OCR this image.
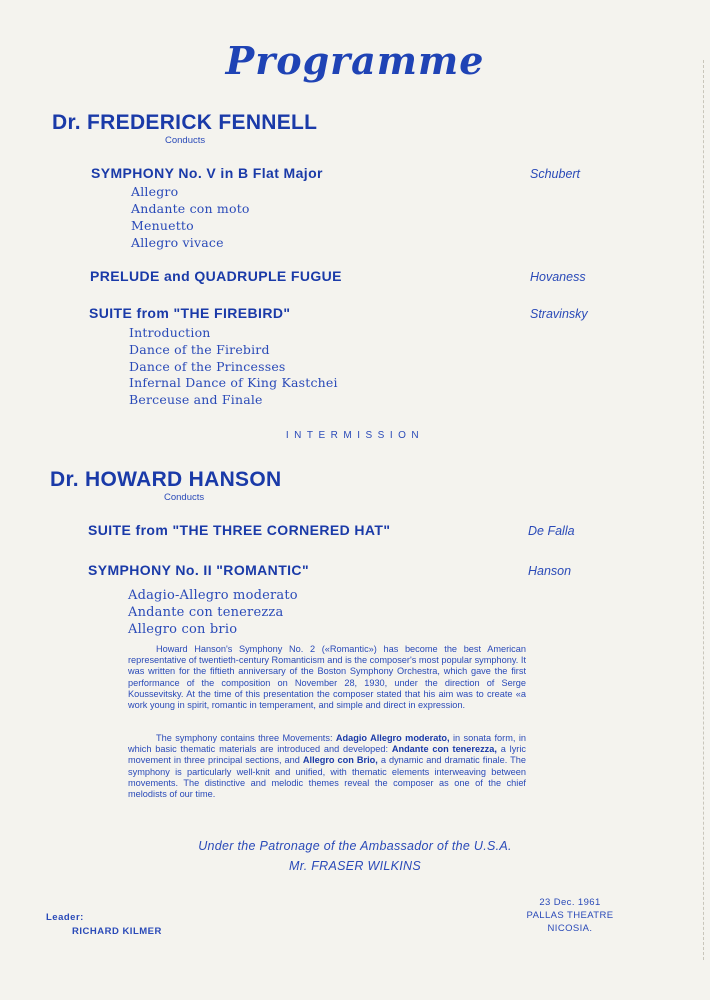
Programme
Dr. FREDERICK FENNELL
Conducts
SYMPHONY No. V in B Flat Major	Schubert
Allegro
Andante con moto
Menuetto
Allegro vivace
PRELUDE and QUADRUPLE FUGUE	Hovaness
SUITE from "THE FIREBIRD"	Stravinsky
Introduction
Dance of the Firebird
Dance of the Princesses
Infernal Dance of King Kastchei
Berceuse and Finale
INTERMISSION
Dr. HOWARD HANSON
Conducts
SUITE from "THE THREE CORNERED HAT"	De Falla
SYMPHONY No. II "ROMANTIC"	Hanson
Adagio-Allegro moderato
Andante con tenerezza
Allegro con brio

Howard Hanson's Symphony No. 2 («Romantic») has become the best American representative of twentieth-century Romanticism and is the composer's most popular symphony. It was written for the fiftieth anniversary of the Boston Symphony Orchestra, which gave the first performance of the composition on November 28, 1930, under the direction of Serge Koussevitsky. At the time of this presentation the composer stated that his aim was to create «a work young in spirit, romantic in temperament, and simple and direct in expression.

The symphony contains three Movements: Adagio Allegro moderato, in sonata form, in which basic thematic materials are introduced and developed: Andante con tenerezza, a lyric movement in three principal sections, and Allegro con Brio, a dynamic and dramatic finale. The symphony is particularly well-knit and unified, with thematic elements interweaving between movements. The distinctive and melodic themes reveal the composer as one of the chief melodists of our time.

Under the Patronage of the Ambassador of the U.S.A.
Mr. FRASER WILKINS
Leader:
RICHARD KILMER
23 Dec. 1961
PALLAS THEATRE
NICOSIA.
